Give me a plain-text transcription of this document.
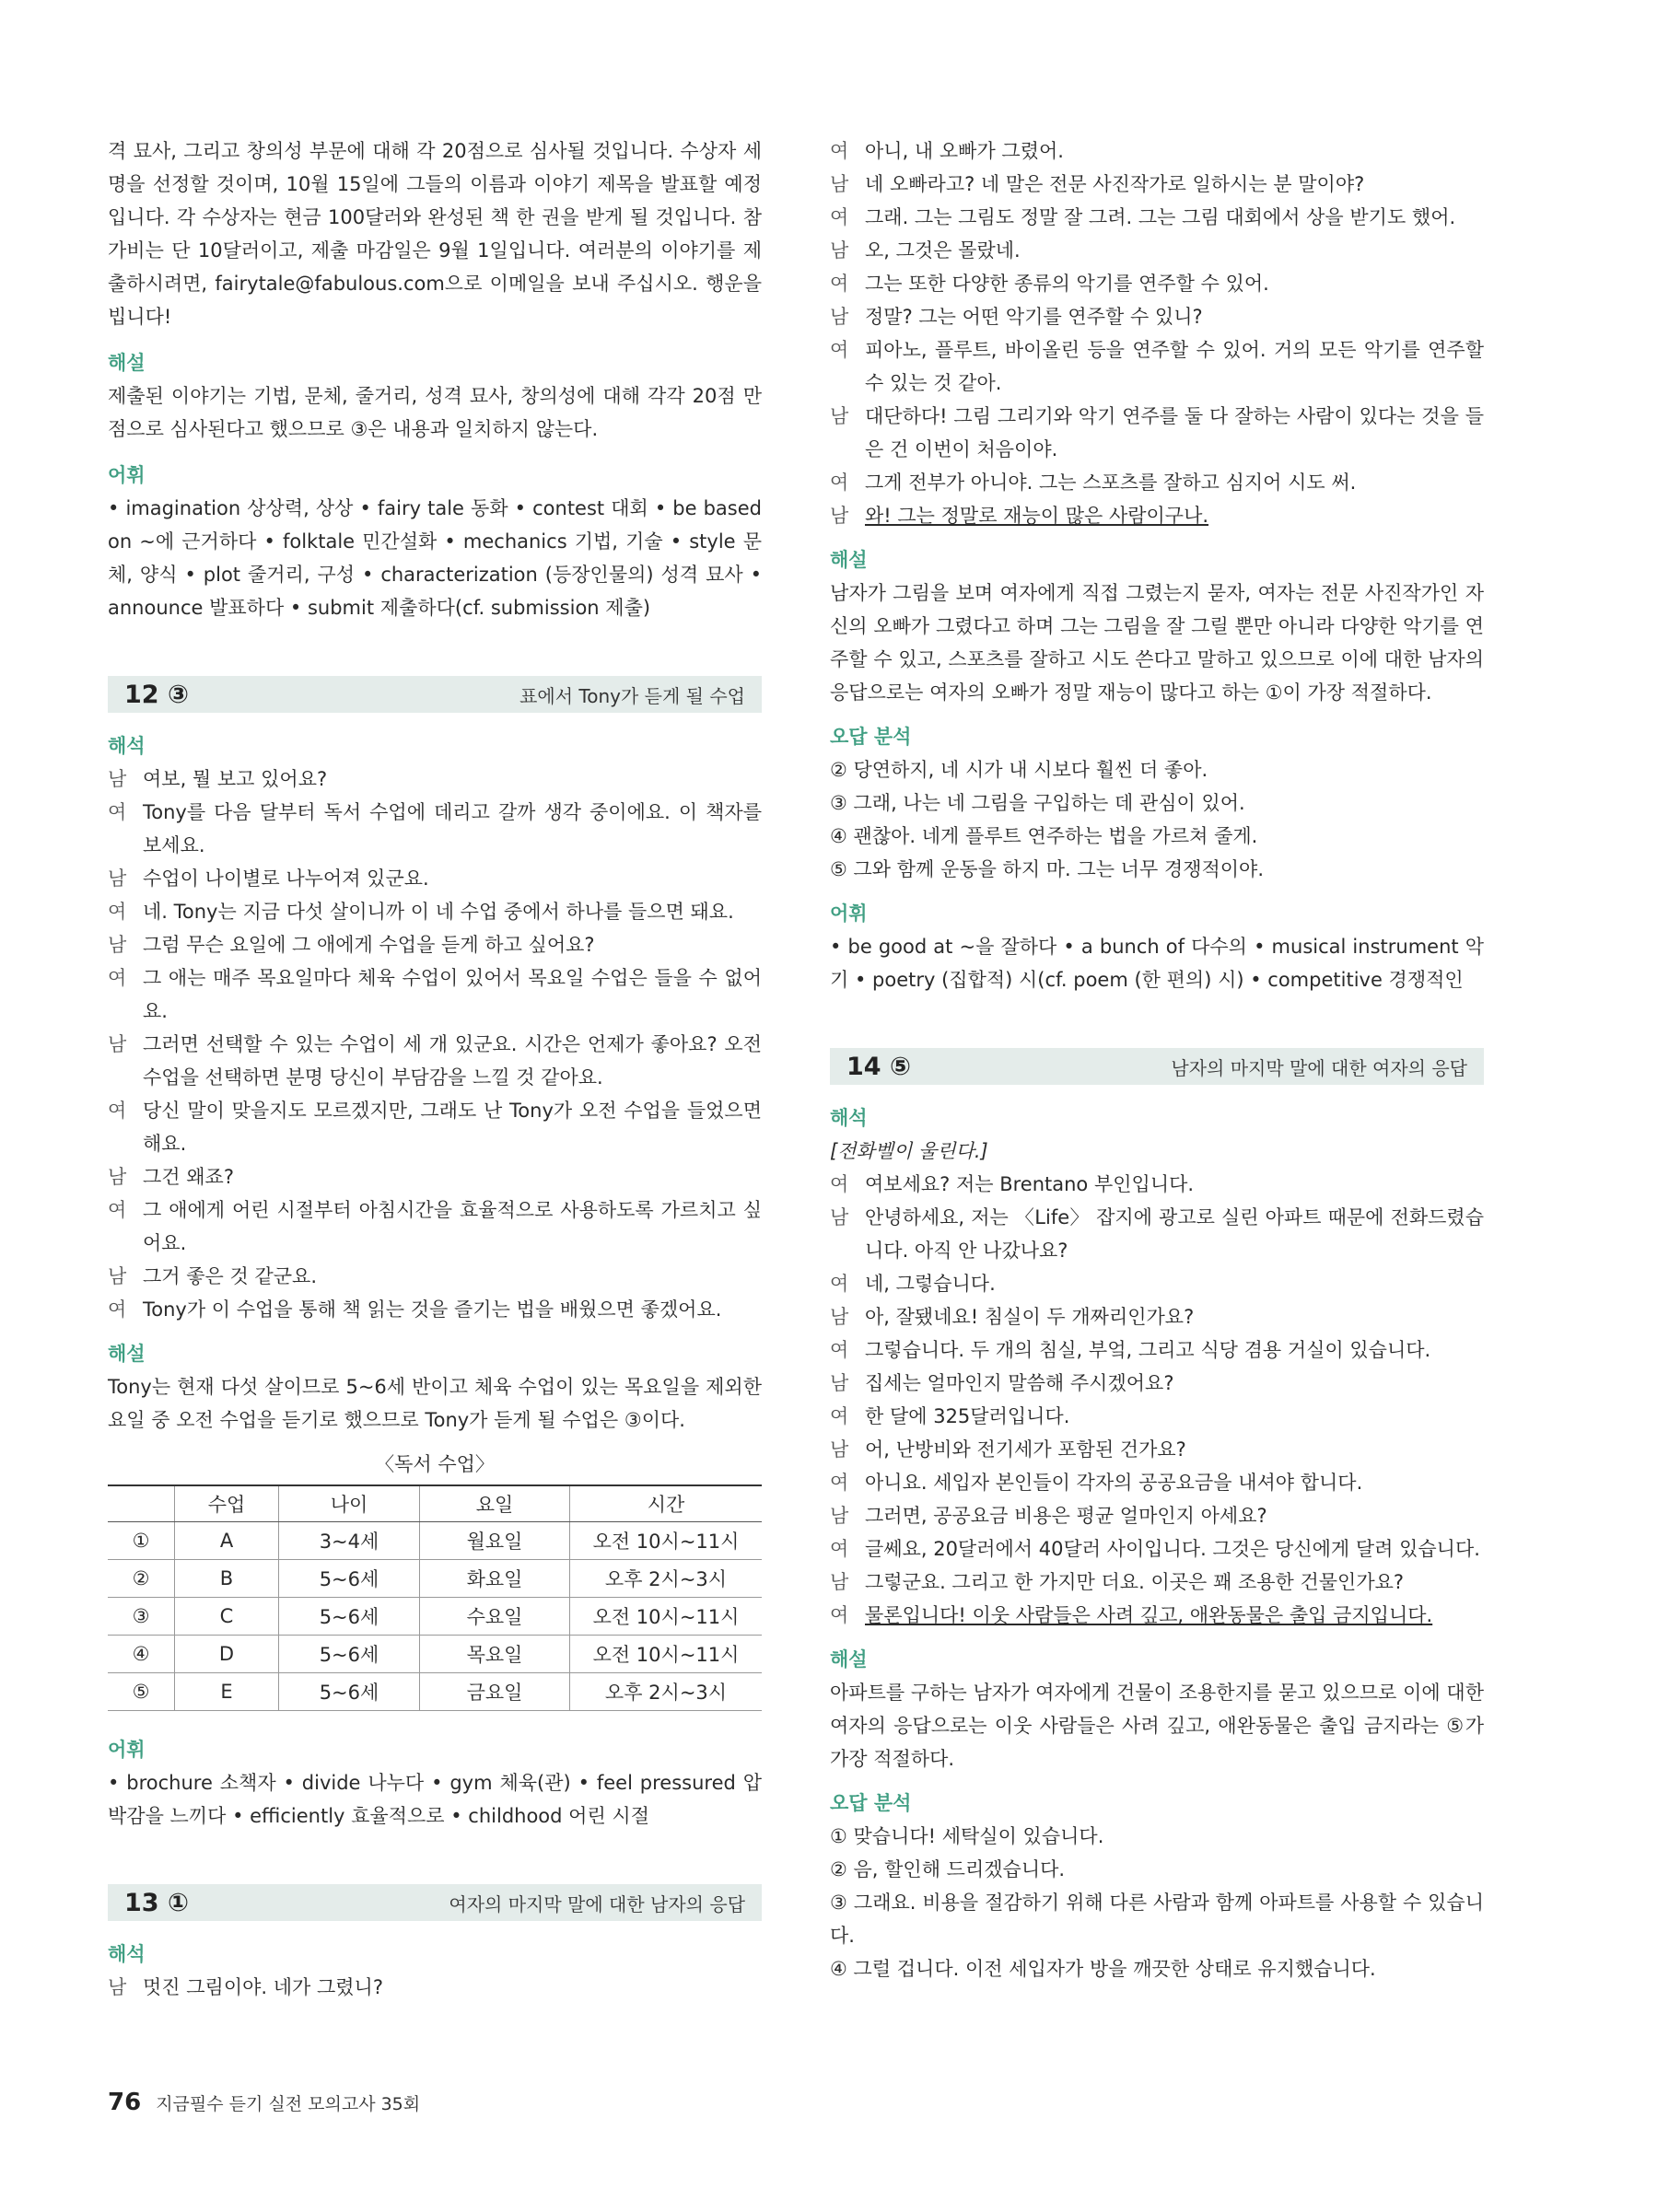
격 묘사, 그리고 창의성 부문에 대해 각 20점으로 심사될 것입니다. 수상자 세 명을 선정할 것이며, 10월 15일에 그들의 이름과 이야기 제목을 발표할 예정입니다. 각 수상자는 현금 100달러와 완성된 책 한 권을 받게 될 것입니다. 참가비는 단 10달러이고, 제출 마감일은 9월 1일입니다. 여러분의 이야기를 제출하시려면, fairytale@fabulous.com으로 이메일을 보내 주십시오. 행운을 빕니다!

해설

제출된 이야기는 기법, 문체, 줄거리, 성격 묘사, 창의성에 대해 각각 20점 만점으로 심사된다고 했으므로 ③은 내용과 일치하지 않는다.

어휘
• imagination 상상력, 상상 • fairy tale 동화 • contest 대회 • be based on ~에 근거하다 • folktale 민간설화 • mechanics 기법, 기술 • style 문체, 양식 • plot 줄거리, 구성 • characterization (등장인물의) 성격 묘사 • announce 발표하다 • submit 제출하다(cf. submission 제출)
12 ③	표에서 Tony가 듣게 될 수업
해석
남 여보, 뭘 보고 있어요?
여 Tony를 다음 달부터 독서 수업에 데리고 갈까 생각 중이에요. 이 책자를 보세요.
남 수업이 나이별로 나누어져 있군요.
여 네. Tony는 지금 다섯 살이니까 이 네 수업 중에서 하나를 들으면 돼요.
남 그럼 무슨 요일에 그 애에게 수업을 듣게 하고 싶어요?
여 그 애는 매주 목요일마다 체육 수업이 있어서 목요일 수업은 들을 수 없어요.
남 그러면 선택할 수 있는 수업이 세 개 있군요. 시간은 언제가 좋아요? 오전 수업을 선택하면 분명 당신이 부담감을 느낄 것 같아요.
여 당신 말이 맞을지도 모르겠지만, 그래도 난 Tony가 오전 수업을 들었으면 해요.
남 그건 왜죠?
여 그 애에게 어린 시절부터 아침시간을 효율적으로 사용하도록 가르치고 싶어요.
남 그거 좋은 것 같군요.
여 Tony가 이 수업을 통해 책 읽는 것을 즐기는 법을 배웠으면 좋겠어요.
해설

Tony는 현재 다섯 살이므로 5~6세 반이고 체육 수업이 있는 목요일을 제외한 요일 중 오전 수업을 듣기로 했으므로 Tony가 듣게 될 수업은 ③이다.

〈독서 수업〉
	수업	나이	요일	시간
①	A	3~4세	월요일	오전 10시~11시
②	B	5~6세	화요일	오후 2시~3시
③	C	5~6세	수요일	오전 10시~11시
④	D	5~6세	목요일	오전 10시~11시
⑤	E	5~6세	금요일	오후 2시~3시
어휘
• brochure 소책자 • divide 나누다 • gym 체육(관) • feel pressured 압박감을 느끼다 • efficiently 효율적으로 • childhood 어린 시절
13 ①	여자의 마지막 말에 대한 남자의 응답
해석
남 멋진 그림이야. 네가 그렸니?
여 아니, 내 오빠가 그렸어.
남 네 오빠라고? 네 말은 전문 사진작가로 일하시는 분 말이야?
여 그래. 그는 그림도 정말 잘 그려. 그는 그림 대회에서 상을 받기도 했어.
남 오, 그것은 몰랐네.
여 그는 또한 다양한 종류의 악기를 연주할 수 있어.
남 정말? 그는 어떤 악기를 연주할 수 있니?
여 피아노, 플루트, 바이올린 등을 연주할 수 있어. 거의 모든 악기를 연주할 수 있는 것 같아.
남 대단하다! 그림 그리기와 악기 연주를 둘 다 잘하는 사람이 있다는 것을 들은 건 이번이 처음이야.
여 그게 전부가 아니야. 그는 스포츠를 잘하고 심지어 시도 써.
남 와! 그는 정말로 재능이 많은 사람이구나.
해설

남자가 그림을 보며 여자에게 직접 그렸는지 묻자, 여자는 전문 사진작가인 자신의 오빠가 그렸다고 하며 그는 그림을 잘 그릴 뿐만 아니라 다양한 악기를 연주할 수 있고, 스포츠를 잘하고 시도 쓴다고 말하고 있으므로 이에 대한 남자의 응답으로는 여자의 오빠가 정말 재능이 많다고 하는 ①이 가장 적절하다.

오답 분석

② 당연하지, 네 시가 내 시보다 훨씬 더 좋아.

③ 그래, 나는 네 그림을 구입하는 데 관심이 있어.

④ 괜찮아. 네게 플루트 연주하는 법을 가르쳐 줄게.

⑤ 그와 함께 운동을 하지 마. 그는 너무 경쟁적이야.

어휘
• be good at ~을 잘하다 • a bunch of 다수의 • musical instrument 악기 • poetry (집합적) 시(cf. poem (한 편의) 시) • competitive 경쟁적인
14 ⑤	남자의 마지막 말에 대한 여자의 응답
해석

[전화벨이 울린다.]

여 여보세요? 저는 Brentano 부인입니다.
남 안녕하세요, 저는 〈Life〉 잡지에 광고로 실린 아파트 때문에 전화드렸습니다. 아직 안 나갔나요?
여 네, 그렇습니다.
남 아, 잘됐네요! 침실이 두 개짜리인가요?
여 그렇습니다. 두 개의 침실, 부엌, 그리고 식당 겸용 거실이 있습니다.
남 집세는 얼마인지 말씀해 주시겠어요?
여 한 달에 325달러입니다.
남 어, 난방비와 전기세가 포함된 건가요?
여 아니요. 세입자 본인들이 각자의 공공요금을 내셔야 합니다.
남 그러면, 공공요금 비용은 평균 얼마인지 아세요?
여 글쎄요, 20달러에서 40달러 사이입니다. 그것은 당신에게 달려 있습니다.
남 그렇군요. 그리고 한 가지만 더요. 이곳은 꽤 조용한 건물인가요?
여 물론입니다! 이웃 사람들은 사려 깊고, 애완동물은 출입 금지입니다.
해설

아파트를 구하는 남자가 여자에게 건물이 조용한지를 묻고 있으므로 이에 대한 여자의 응답으로는 이웃 사람들은 사려 깊고, 애완동물은 출입 금지라는 ⑤가 가장 적절하다.

오답 분석

① 맞습니다! 세탁실이 있습니다.

② 음, 할인해 드리겠습니다.

③ 그래요. 비용을 절감하기 위해 다른 사람과 함께 아파트를 사용할 수 있습니다.

④ 그럴 겁니다. 이전 세입자가 방을 깨끗한 상태로 유지했습니다.

76 지금필수 듣기 실전 모의고사 35회
